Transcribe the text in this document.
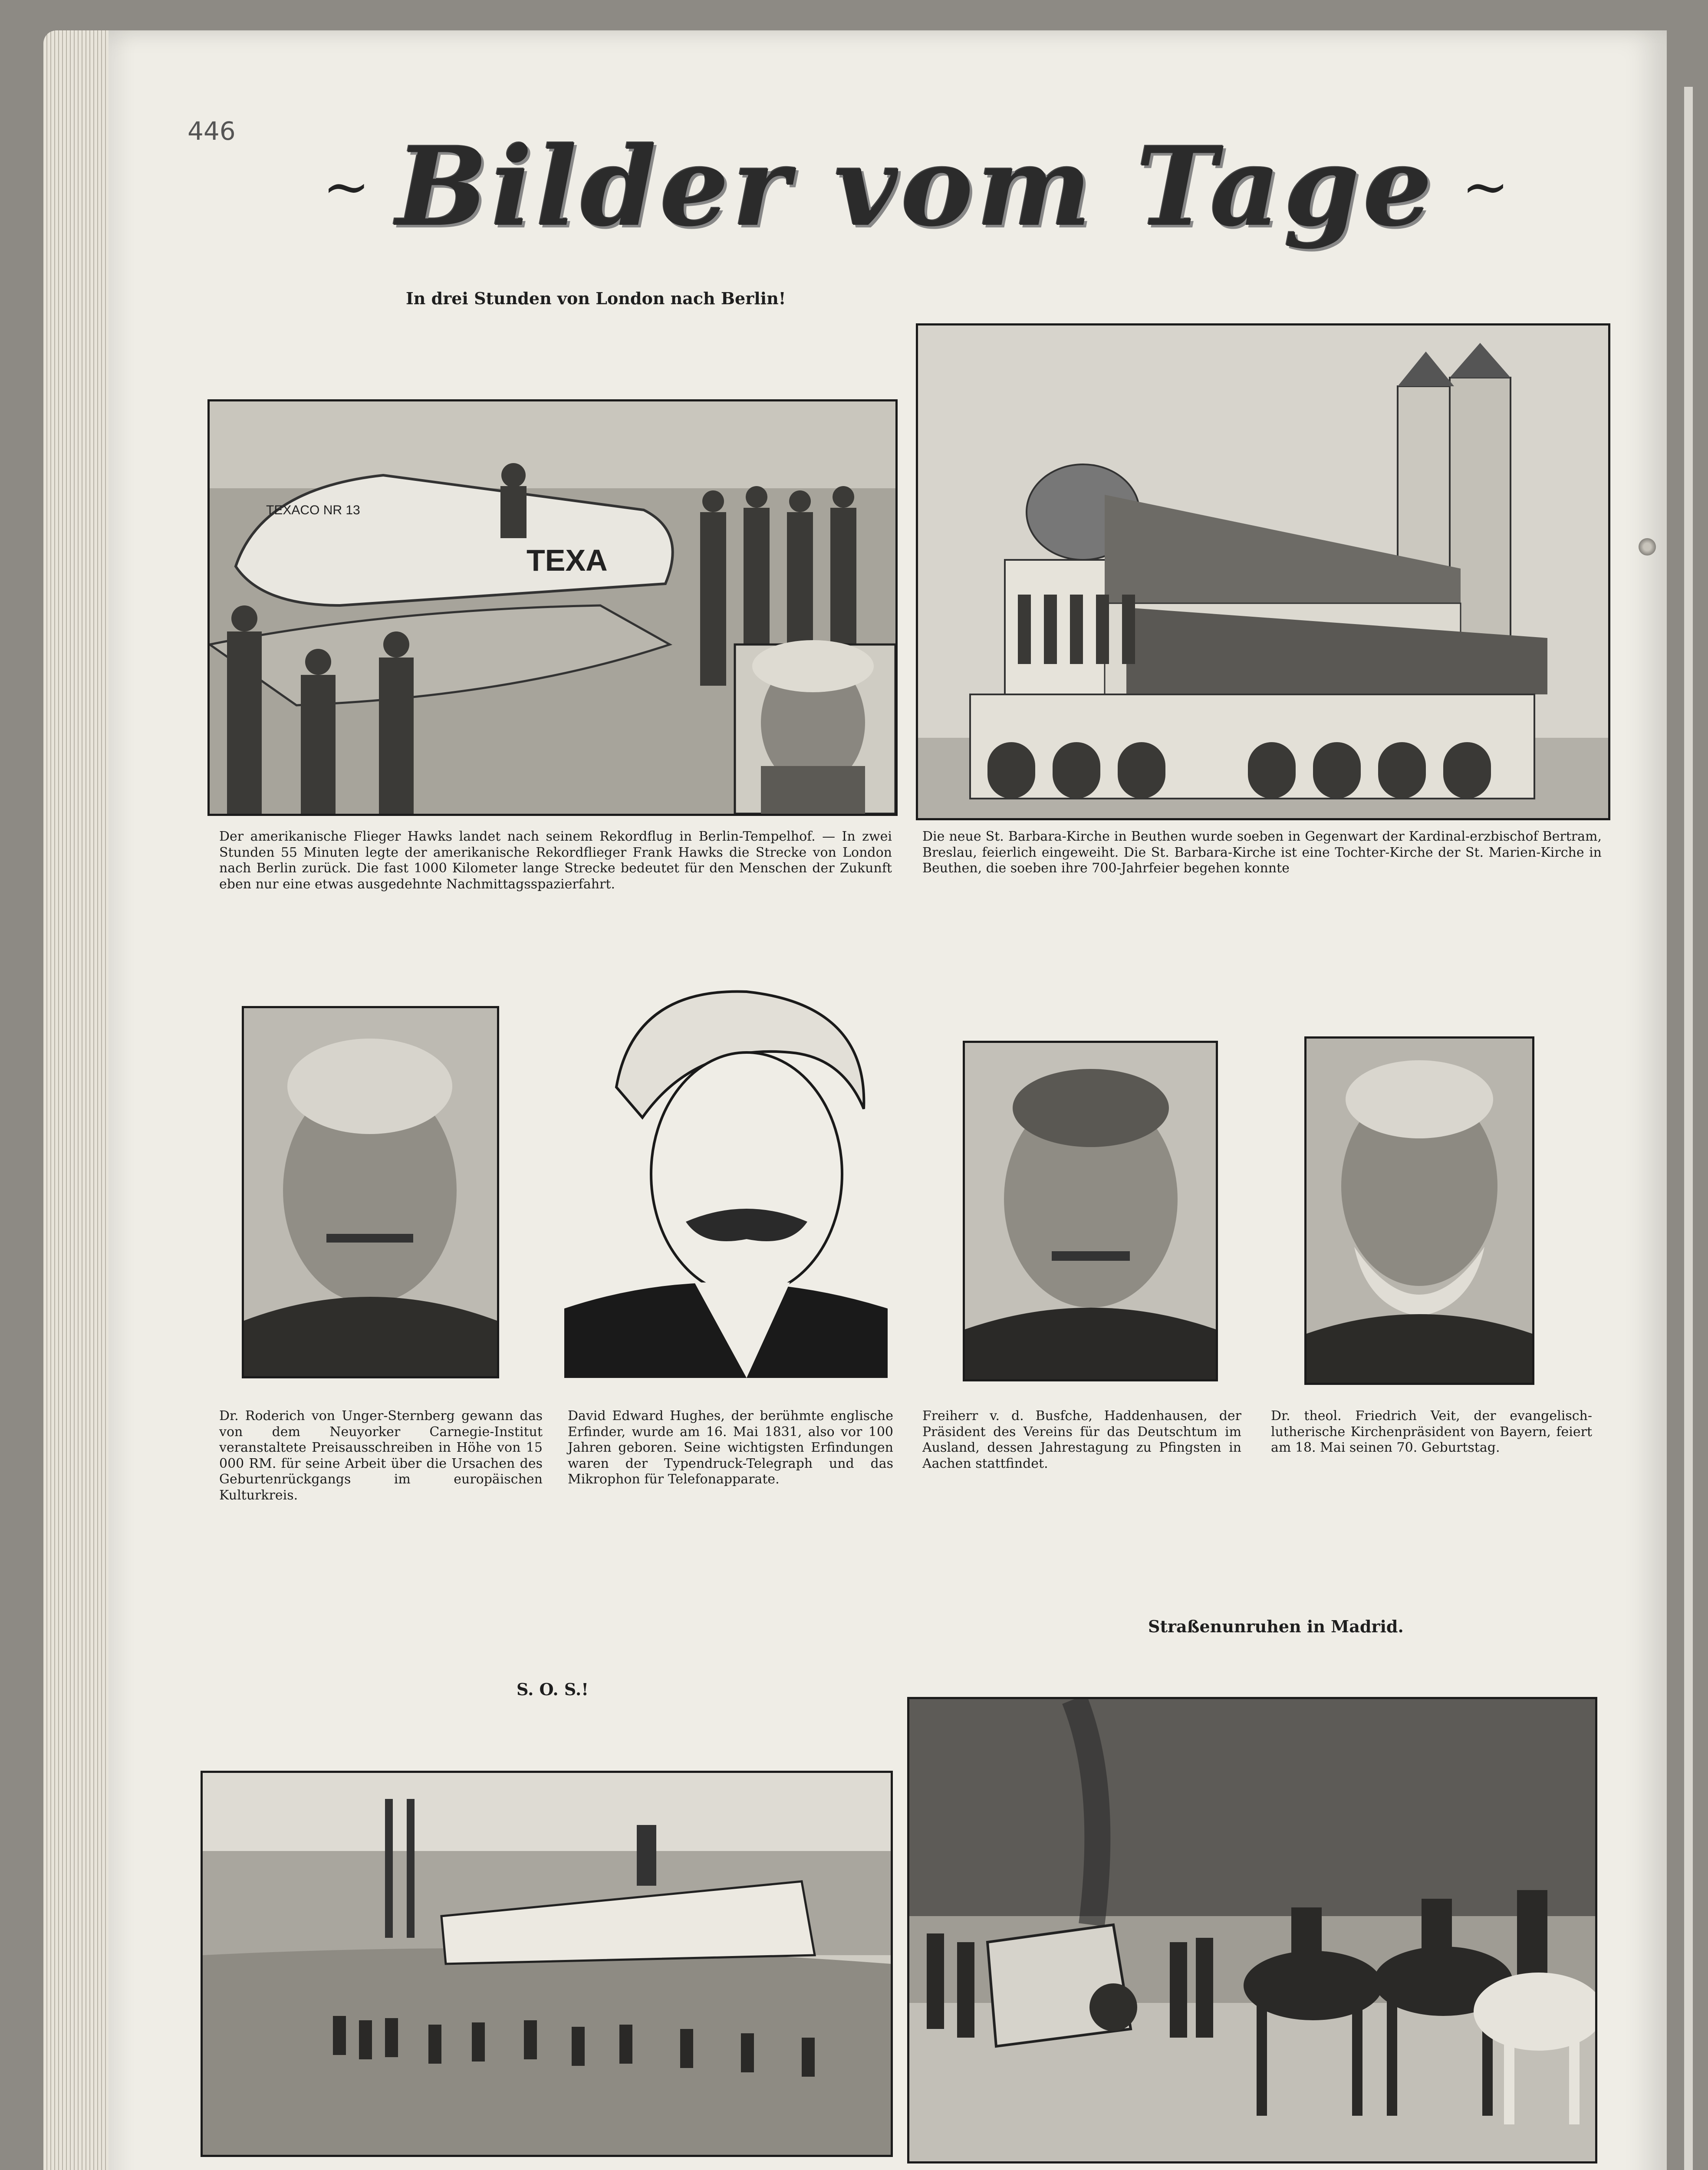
446
~ Bilder vom Tage ~
In drei Stunden von London nach Berlin!
TEXACO NR 13
TEXA
Der amerikanische Flieger Hawks landet nach seinem Rekordflug in Berlin-Tempelhof. — In zwei Stunden 55 Minuten legte der amerikanische Rekordflieger Frank Hawks die Strecke von London nach Berlin zurück. Die fast 1000 Kilometer lange Strecke bedeutet für den Menschen der Zukunft eben nur eine etwas ausgedehnte Nachmittagsspazierfahrt.
Die neue St. Barbara-Kirche in Beuthen wurde soeben in Gegenwart der Kardinal-erzbischof Bertram, Breslau, feierlich eingeweiht. Die St. Barbara-Kirche ist eine Tochter-Kirche der St. Marien-Kirche in Beuthen, die soeben ihre 700-Jahrfeier begehen konnte
Dr. Roderich von Unger-Sternberg gewann das von dem Neuyorker Carnegie-Institut veranstaltete Preisausschreiben in Höhe von 15 000 RM. für seine Arbeit über die Ursachen des Geburtenrückgangs im europäischen Kulturkreis.
David Edward Hughes, der berühmte englische Erfinder, wurde am 16. Mai 1831, also vor 100 Jahren geboren. Seine wichtigsten Erfindungen waren der Typendruck-Telegraph und das Mikrophon für Telefonapparate.
Freiherr v. d. Busfche, Haddenhausen, der Präsident des Vereins für das Deutschtum im Ausland, dessen Jahrestagung zu Pfingsten in Aachen stattfindet.
Dr. theol. Friedrich Veit, der evangelisch-lutherische Kirchenpräsident von Bayern, feiert am 18. Mai seinen 70. Geburtstag.
S. O. S.!
Straßenunruhen in Madrid.
